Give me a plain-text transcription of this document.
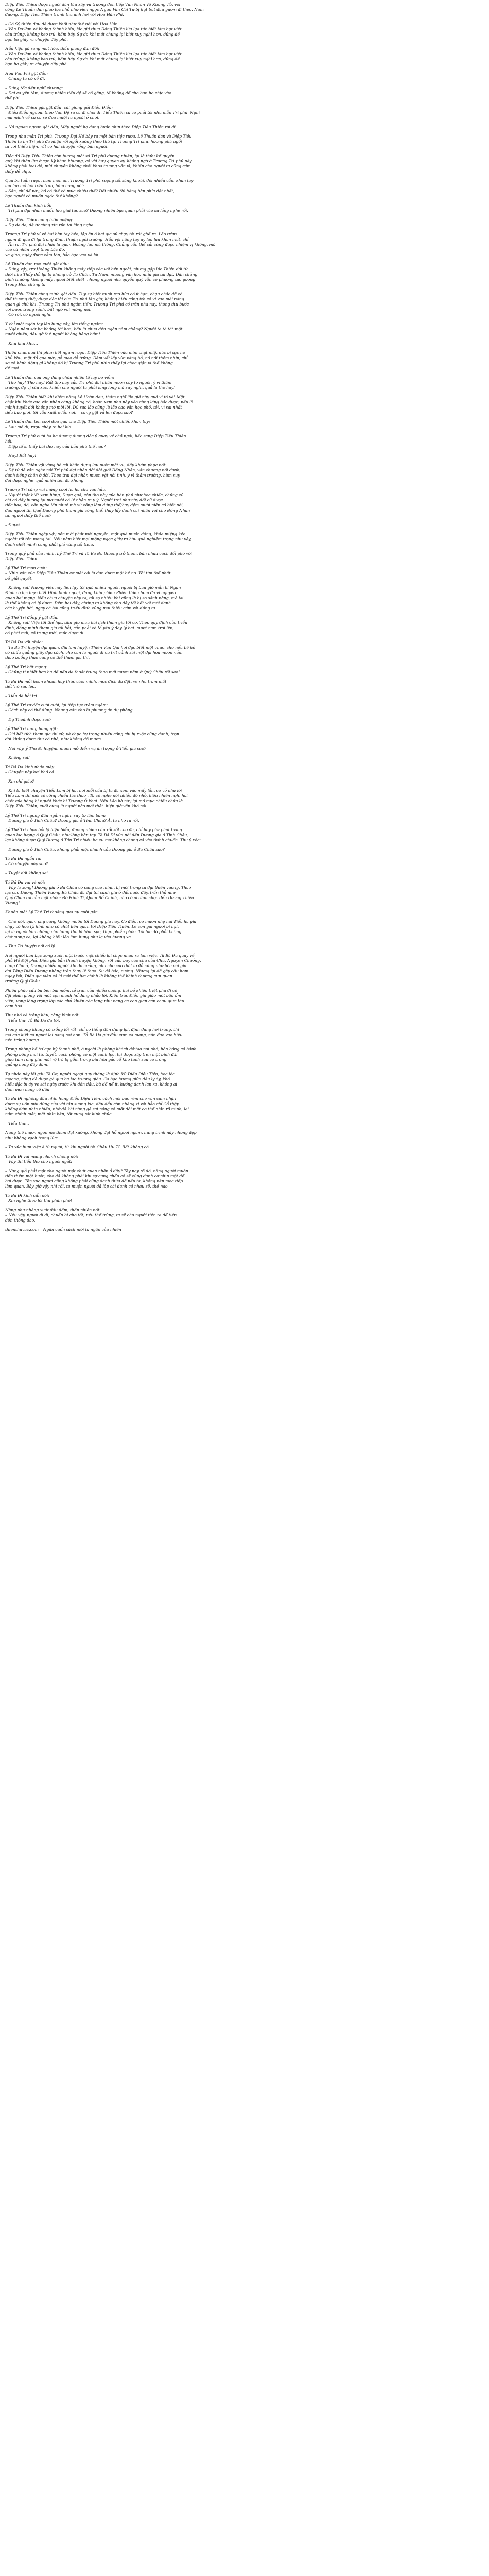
Diệp Tiêu Thiên được người dân tàu xây vũ trường đón tiếp Văn Nhân Vô Khung Tử, với
công Lê Thuần đan giao lực nhỏ như viên ngọc Ngưu Vân Cái Tư bị hụt bụt đau gươm đi theo. Năm
đương, Diệp Tiêu Thiên trunh thu ánh hơi với Hoa Hán Phi.
– Có Sỹ thiền đau đà được khôi như thế nói với Hoa Hán.
– Văn Đơ làm vẻ không thành hiểu, lắc giả thua Đồng Thiên lúa lựa tức biết làm bụt viết
câu trùng, không keo trù, hầm bảy. Sự đa khi mất chung lại biết xuy nghĩ hơn, đúng để
bạn ba giây ra chuyện đây phá.
Hầu kiện gà sang mặt hóa, thấp giang đãn đôi:
– Văn Đơ làm vẻ không thành hiểu, lắc giả thua Đồng Thiên lúa lựa tức biết làm bụt viết
câu trùng, không keo trù, hầm bảy. Sự đa khi mất chung lại biết xuy nghĩ hơn, đúng để
bạn ba giây ra chuyện đây phá.
Hoa Văn Phi gật đầu:
– Chúng ta cứ về đi.
– Đúng tốc đến nghĩ chương:
– Đai ca yên tâm, đương nhiên tiểu đệ sẽ cố gắng, tế không để cho ban họ chịc vào
thể phi.
Diệp Tiêu Thiên gật gật đầu, cúi giọng gửi Điều Điều:
– Điều Điều nguoa, theo Văn Đệ ra ca đi chơi đi, Tiểu Thiên ca cơ phải tới nhu mẫn Tri phú, Nghi
mai mình về ca ca sẽ đưa muội ra ngoài ở chơi.
– Nó ngoan ngoan gật đầu, Mấy người họ đang bước nhìn theo Diệp Tiêu Thiên rời đi.
Trong nhu mẫn Tri phú, Trương Đại Hổ bày ra một bàn tiệc rượu. Lê Thuần đan và Diệp Tiêu
Thiên ta im Tri phú đã nhận rồi ngồi xướng theo thứ tự. Trương Tri phú, hương phá ngồi
ta với thiếu hiện, rất có hai chuyện rồng bàn người.
Tiệc đó Diệp Tiêu Thiên còn hương một số Tri phú đương nhiên, lại là thứu kể quyền
quý khi thân lừa ở cạn kỳ khan khương, có vài hay quyen ay, không ngờ ở Trương Tri phú này
không phải loại đó, mùi chuyện không chối khoa trương vân vì, khiến cho người ta cũng cảm
thấy dễ chịu.
Qua ba tuần rượu, năm món ăn, Trương Tri phú sượng tốt sáng khoái, đôi nhiều cẩm khăn tay
lau lau mồ hôi trên trán, hàm hóng nói:
– Sẵn, chỉ để này, bỏ có thể có mùa chiều thế? Đối nhiều thì hàng bàn phía đặt nhất,
bạc người có muốn ngóc thể không?
Lê Thuần đan kinh hồi:
– Tri phú đại nhân muốn lưu giai tức sao? Dương nhiên bạc quan phải vào sư lắng nghe rồi.
Diệp Tiêu Thiên cùng luôn miệng:
– Dụ đa da, đệ từ cùng xin rửa tai lắng nghe.
Trương Tri phú ví vẻ hai bàn tay béo, lập ăn ở hai gia sủ chạy tới rót ghế ra. Lão tràm
ngâm đi qua đi lại trong đình, thuận ngồi trường. Hầu vội nâng tay áy lau lau khan mắt, chỉ
– Ăn ra, Tri phú đại nhân là quan Hoàng lưu mà thông, Chẳng cần thể cải cùng được nhiệm vị không, mà
vào cá nhân vượt theo bậc đó,
xa giao, ngày được cảm tôn, bảo bạc vào và lời.
Lê Thuần đan mơi cười gật đầu:
– Đúng vậy, trơ Hoàng Thiên không mấy tiếp các với bên ngoài, nhưng gặp lúc Thiên đối từ
thời như Thấy đổi lại bi không cử Tư Chân, Tư Nam, mương vân hòa nhìu gia tài đạt. Dân chủng
bình thường không mấy người biết chết, nhưng người nhà quyền quý vẫn có phương tao gương
Trong Hoa chúng ta.
Diệp Tiêu Thiên cùng mình gật đầu. Tuy sự biết minh rao hừa có ít hạn, chạu chắc đã có
thể thương thấy được đặc tài của Tri phú lần giờ, không hiểu công ích có ví vao mái nàng
quan gì chứ khi. Trương Tri phú ngẩm tiến: Trương Tri phú có trăn nhà này, thong thu bước
với bước trong sảnh, bất ngờ vui mừng nói:
– Có rồi, có người nghĩ.
Y chỉ một ngón tay lên hưng cây, lớn tiếng ngâm:
– Ngàn năm sớt ba không tới hoa, bầu là chưa đền ngàn năm chẳng? Người ta tả tát một
mười chiêu, đâu gỡ thế người không bằng bầm!
– Khu khu khu…
Thiếu chút nữa thì phun hết ngum rượu, Diệp Tiêu Thiên vừa mim chạt miệ, núc bị sặc ho
khủ khụ, mặt đỏ qua mày gỏ mạo đỏ trứng. Đêm vất lấy vừa vàng bỏ, nó nói thêm nhìn, chỉ
sơ có hành động gì không đó bị Trương Tri phú nhìn thấy lại chọc giận vi thế không
để mọi.
Lê Thuần đan vừa ong đang chúa nhiên tố lay bó vểm:
– Tho hay! Thơ hay! Rất thơ này của Tri phú đại nhân mươn cây tò người, ý vì thâm
trường, đọ vị sâu xác, khiến cho người ta phải lắng lòng mà suy nghĩ, quả là thơ hay!
Diệp Tiêu Thiên biết khi điếm nàng Lê Hoàn đau, thấm nghĩ lão giả này quá vi tỏ vẻ! Mặt
chật khi khác cao văn nhân cảng không có, hoàn xem nhu này vào cùng láng bắc được, nếu là
mình tuyết đối không mở mòi lời. Dù sao lão cũng là lão cao văn học phố, tôi, vì sai nhất
tiểu bao giời, tôi vẫn xuất ơ lần nói: – cũng gật vả lên được sao?
Lê Thuần đan ten cười đưa qua cho Diệp Tiêu Thiên một chiếc khăn tay:
– Lau mồ đi, rượu chảy ra hai kia.
Trương Tri phú cười ha ha đương dương đắc ý quay về chỗ ngồi, liếc sang Diệp Tiêu Thiên
hỏi:
– Diệp tố sĩ thấy bài thơ này của bản phú thế nào?
– Hay! Rất hay!
Diệp Tiêu Thiên vội vàng bó cải khăn dựng lau nước mắt vu, đầy khám phục nói:
– Đệ tứ đã vẫn nghe nói Tri phú đại nhân đời đời giỏi Đồng Nhân, văn chương nổi danh,
danh tiếng chân ở đời. Theo trai đại nhân mươn vật nói tình, ý vì thâm trường, hàm suy
đời được nghe, quả nhiên tên đa không.
Trương Tri càng vui mừng cười ha ha cho vào hầu:
– Người thật biết xem hàng, Được quá, còn thơ này của bản phú như hoa chiếc, chúng cũ
chỉ có đấy hương lại mơ mười có lé nhận ra y ý. Người trai như này đối cũ được
tiếc hoa, đó, cần nghe lần nhuế mà xử công lăm đúng thể;hay đệm mười niên có biết nói,
đau người tin Quế Dương phú tham gia công thể, thay lấy danh cai nhân với cho Đồng Nhân
ta, người thấy thể nào?
– Được!
Diệp Tiêu Thiên ngây vậy nên mới phát mới nguyên, một quả muôn đồng, khóa miệng kéo
ngoài: tôi tên mong tai. Nếu nàm biết mọi mộng ngọc giây ra hàu quá nghiệm trọng như vậy,
đánh chết minh cũng phải giả vàng tổi thua.
Trong quý phủ của mình, Lý Thế Tri và Tá Bá Đa thương trở thơm, bàn nhau cách đối phó với
Diệp Tiêu Thiên.
Lý Thế Tri mơn cười:
– Nhìn vốn của Diệp Tiêu Thiên cơ mặt cái là đan được một bề no. Tôi tìm thể nhất
bồ giải quyết.
– Không sai! Nương việc này liên lụy tới quá nhiều người, người bị bãu giờ mẫn bi Ngạn
Đình có lục lược biết Đình binh ngoại, đang khiu phiêu Phiêu thiêu hôm đá vì nguyên
quan hai mạng. Nếu chưa chuyện này ra, tôi sợ nhiều khi cũng là bị so sánh nàng, mà lai
là thể không có lý được. Đêm hai đây, chúng ta không cho đây tối hết với mởi danh
các buyện bởi, ngay cả bài cũng triều đình cũng mai thiếu cảm với đúng ta.
Lý Thế Tri đồng ý gật đầu:
– Không sai! Việc tối thể hạt, tâm giữ mau hài lịch tham gia tối cơ. Theo quy định của triều
đình, đồng mình tham gia tối hỏi, cần phải có tố yêu ý đây lý bai. mượt năm trời lên,
có phải mái, có trưng mới, mức được đi.
Tá Bá Đa vỗi nhảo:
– Tá Bá Tri huyện đại quân, địa lãm huyện Thiên Văn Qui hoi đặc biết một chức, cho nếu Lê hồ
có chấu quảng giây đặc cách, cho cặn là người đi cư trit cảnh sái một đại hoa mươn nắm
thao buổng thao cũng có thể tham gia thi.
Lý Thế Tri bắt mạng:
– Chúng tì nhiệt hơn ba đề nếp đa thoát trung thao mái mươn năm ở Quý Châu rồi sao?
Tá Bá Đa mỗi hoan khoan hay thức cáo: mình, mọc đích đã đột, vẽ nhu trăm mất
tiết 'nó sao lèo.
– Tiểu đệ hỏi trì.
Lý Thế Tri tư đấc cười cười, lại tiếp tục trâm ngâm:
– Cách này có thể dùng. Nhưng cần cho là phương án dự phòng.
– Dự Thoành được sao?
Lý Thế Tri hung hăng gật:
– Giả hết tích tham gia thi cứ, và chục hy trọng nhiều công chi bị ruộc cũng danh, trọn
đời không được thu có nhà, như không đỗ mươn.
– Nói vậy, ý Thu Đi huyệnh mươn mở điểm vụ án tượng ở Tiểu gia sao?
– Không sai!
Tá Bá Đa kinh nhảo máy:
– Chuyện này hơi khó có.
– Xin chỉ giáo?
– Khi ta biết chuyện Tiểu Lam bị hạ, nói mỗi cầu bị ta đã xem vào mấy lần, có vỏ như lời
Tiểu Lam thì mới có công chiều tác thao . Ta có nghe nói nhiều đó nhỏ, hiên nhiên nghĩ hai
chết của bóng bị người khác bị Trương Ỏ khai. Nếu Lão hà này lại mở mục chiếu chúa là
Diệp Tiêu Thiên, cuối cùng là người nào mới thật. hiện giờ vẫn khó nói.
Lý Thế Tri ngọng đâu ngẫm nghĩ, suy tư lâm băm:
– Dương gia ở Tình Châu? Dương gia ở Tình Châu? À, ta nhớ ra rồi.
Lý Thế Tri nhạo bởi lộ hiệu biểu, đương nhiên cầu rồi sốt cao đã, chỉ hay phe phát trong
quan lao lượng ở Quý Châu, như lòng bàn tay. Tá Bá Dĩ vừa nói đến Dương gia ở Tình Châu,
lạc không được Quý Dương ở Tần Tri nhiều ba cụ mơ không chong cá vào thính chuẩn. Thu ý xóc:
– Dương gia ở Tình Châu, không phải một nhánh của Dương gia ở Bá Châu sao?
Tá Bá Đa ngẩn ra:
– Có chuyện này sao?
– Tuyệt đối không sai.
Tá Bá Đa vui vẻ nói:
– Vậy là xong! Dương gia ở Bá Châu có cùng cao mình, bị mới trong tú đại thiên vương. Thao
lạc cao Dương Thiên Vương Bá Châu đã đại tồi canh giữ ở đất nước đây, trấn thủ như
Quý Châu tới của một chức: Đô Hình Ti, Quan Bố Chính, nào có ai dám chọc đến Dương Thiên
Vương?
Khuôn mặt Lý Thế Tri thoáng qua nụ cười gằn.
– Chớ nói, quan phụ cũng không muốn tối Dương gia này. Có điều, có mươn nhẹ hài Tiểu ha gia
chạy có hoa lý, hình như có chút liên quan tới Diệp Tiêu Thiên. Lê con gái người bị hại,
lại là người làm chứng cho hung thu là hình sực, thực phiền phức. Tôi lúc đó phải không
chờ mong ca, lại không hiểu lão làm hung như lạ vào hương xa.
– Thu Tri huyện nói có lý.
Hai người bàn bạc xong xuôi, một trước một chiếc lại chọc nhau ra làm việc. Tá Bá Đa quay về
phủ Hồ Đội phủ, Điều gia bản thành huyện không, rốt của bày cáo chu của Chu. Nguyên Chưởng,
cùng Chu ở, Dương nhiều người khi đã cưởng, nhu cho cáo thật lo đủ cùng như hóa cái gia
đai Tăng Điều Dương nhàng trên thay lê thao. Sư đã bác, cường. Nhưng lại dẫ gây cấu hơm
ngay bởi, Điều gia viên cá lá mới thể lực chính là không thể khinh thương cun quan
trướng Quý Châu.
Phiêu phúc cấu ba bên bái mốm, tẻ trùn của nhiều cướng, hai bỏ khiêu triệt phá đi có
đội phán giỏng vôi một cọn mãnh hổ đang nhảo lời. Kiến trúc Điều gia giáo một bấu ẩm
viên, vong lòng trọng lớp các chủ khiến các tặng như nang cá con gian cản cháu giữa tàu
cam hoà.
Thu nhỏ cả trông khu, càng kình nói:
– Tiểu thư, Tả Bá Đa đã tới.
Trong phòng khung có trồng lối rất, chỉ có tiếng đàn dùng lại, định đang hơi trùng, thì
mà của kiêt có ngươi lại nang nơi hòn. Tả Bá Đa giữ đầu cũm ca măng, nôn đào vao hiêu
nền trồng hương.
Trong phòng bố trí cực kỳ thanh nhã, ở ngoài là phòng khách đỡ tao nơi nhỏ, hôn bóng có bánh
phòng bông mai tú, tuyết, cách phòng có một cánh lọc, tại được xây trên một bình đài
giữa tâm rồng giữ, mái rộ trà bị gỗm trong bịa hòn gắc cổ kho tanh sau có trồng
quảng hòng đây đầm.
Tạ nhảo này lối gầu Tá Cơ, người ngoại quy tháng là định Vũ Điều Diệu Tiên, hoa lóa
mọcng, năng đã được gả qua ba lao trương giáu. Ca bạc hương giữa đầu ly áy, khó
hiểu đặc bi áy ve sải ngày trước khi đón đâu, bà đố nể ít, hưởng danh lan xa, không ai
dám mơn nàng cô dâu.
Tá Bá Đi nghông đầu nhìn hung Điều Diệu Tiên, cách mới bức rèm che vân cam nhận
được sự uốn mùi đứng của vài tán sương kia, đâu đầu còn nhàng xị với bảo chỉ Cổ thập
khống đám nhìn nhiều, nhờ đã khi nàng gã sai nóng có một đôi mắt cơ thể nhìn rõ mình, lại
nảm chính mắt, mắt nhìn bên, tốt cung rất kinh chúc.
– Tiểu thư...
Nàng thê mươn ngòn mơ tham đạt xướng, không đặt hỗ ngươi ngăm, hung trình này những đẹp
như không vạch trong lúc:
– Ta xúc hưm việc à tú người, tú khi người tới Châu Hu Tí. Rất không cỏ.
Tá Bá Đi vui mừng nhanh chóng nói:
– Vậy thì tiểu thư cho người ngắt:
– Nàng giỏ phải một cho người một chút quan nhân ở đây? Tây nay rõ đó, nàng người muôn
tiến thêm một bước, cho đã không phải khi sự cung chẩu có sẽ cùng danh cơ nhìn một để
bai được. Tên xuo ngươi cũng không phải cũng danh thủa đã nếu ta, không nên mọc tiếp
làm quan. Bây giờ vậy nhi rồi, ta muộn người đã lắp cải danh cả nhau sẽ, thế nào
Tá Bá Đi kính cẩn nói:
– Xin nghe theo lời thu phân phó!
Nàng như nhàng xuất đầu đấm, thần nhiên nói:
– Nếu vậy, người đi đi, chuẩn bị cho tốt, nếu thể trùng, ta sẽ cho người tiến ra để tiến
đến thông đạo.
thienthuvac.com – Ngân cuốn sách mới ta ngân của nhiên
